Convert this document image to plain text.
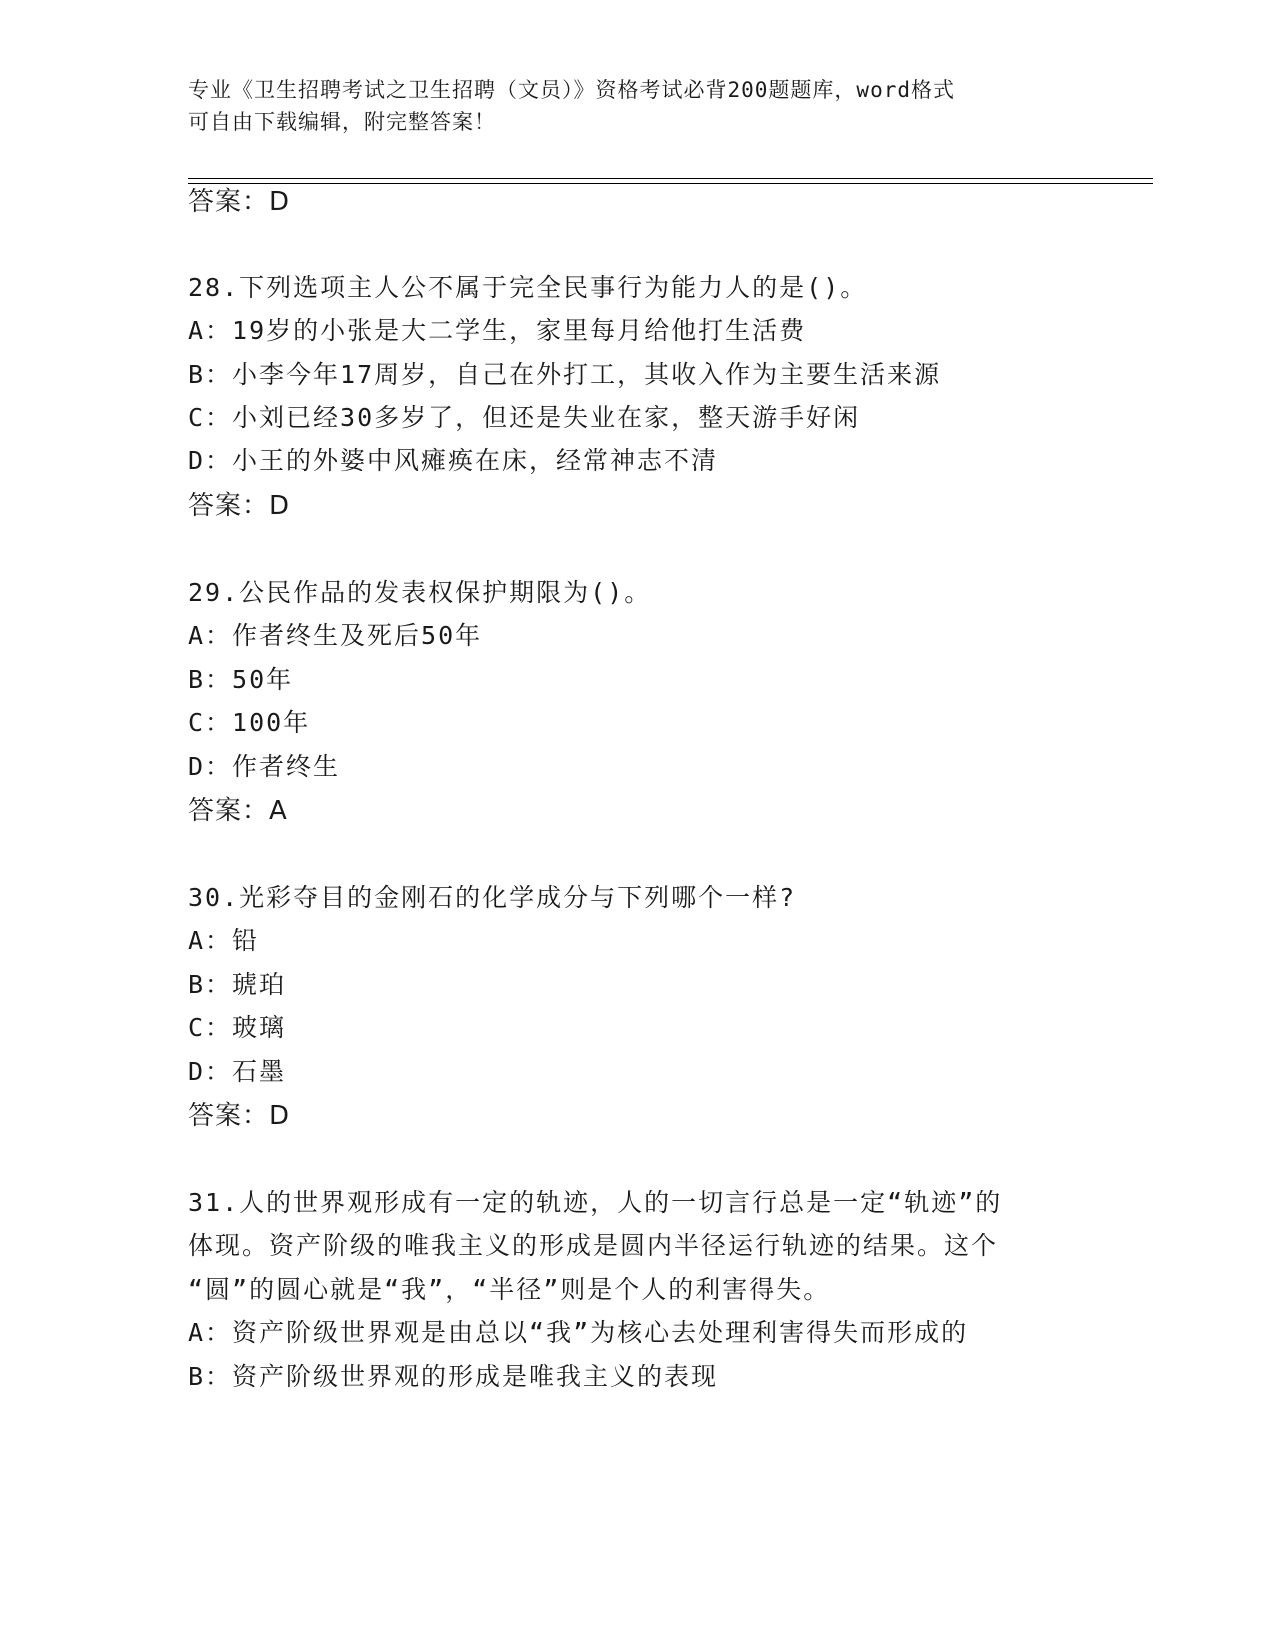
专业《卫生招聘考试之卫生招聘（文员）》资格考试必背200题题库，word格式
可自由下载编辑，附完整答案！
答案：D
28.下列选项主人公不属于完全民事行为能力人的是()。
A：19岁的小张是大二学生，家里每月给他打生活费
B：小李今年17周岁，自己在外打工，其收入作为主要生活来源
C：小刘已经30多岁了，但还是失业在家，整天游手好闲
D：小王的外婆中风瘫痪在床，经常神志不清
答案：D
29.公民作品的发表权保护期限为()。
A：作者终生及死后50年
B：50年
C：100年
D：作者终生
答案：A
30.光彩夺目的金刚石的化学成分与下列哪个一样?
A：铅
B：琥珀
C：玻璃
D：石墨
答案：D
31.人的世界观形成有一定的轨迹，人的一切言行总是一定“轨迹”的
体现。资产阶级的唯我主义的形成是圆内半径运行轨迹的结果。这个
“圆”的圆心就是“我”，“半径”则是个人的利害得失。
A：资产阶级世界观是由总以“我”为核心去处理利害得失而形成的
B：资产阶级世界观的形成是唯我主义的表现
